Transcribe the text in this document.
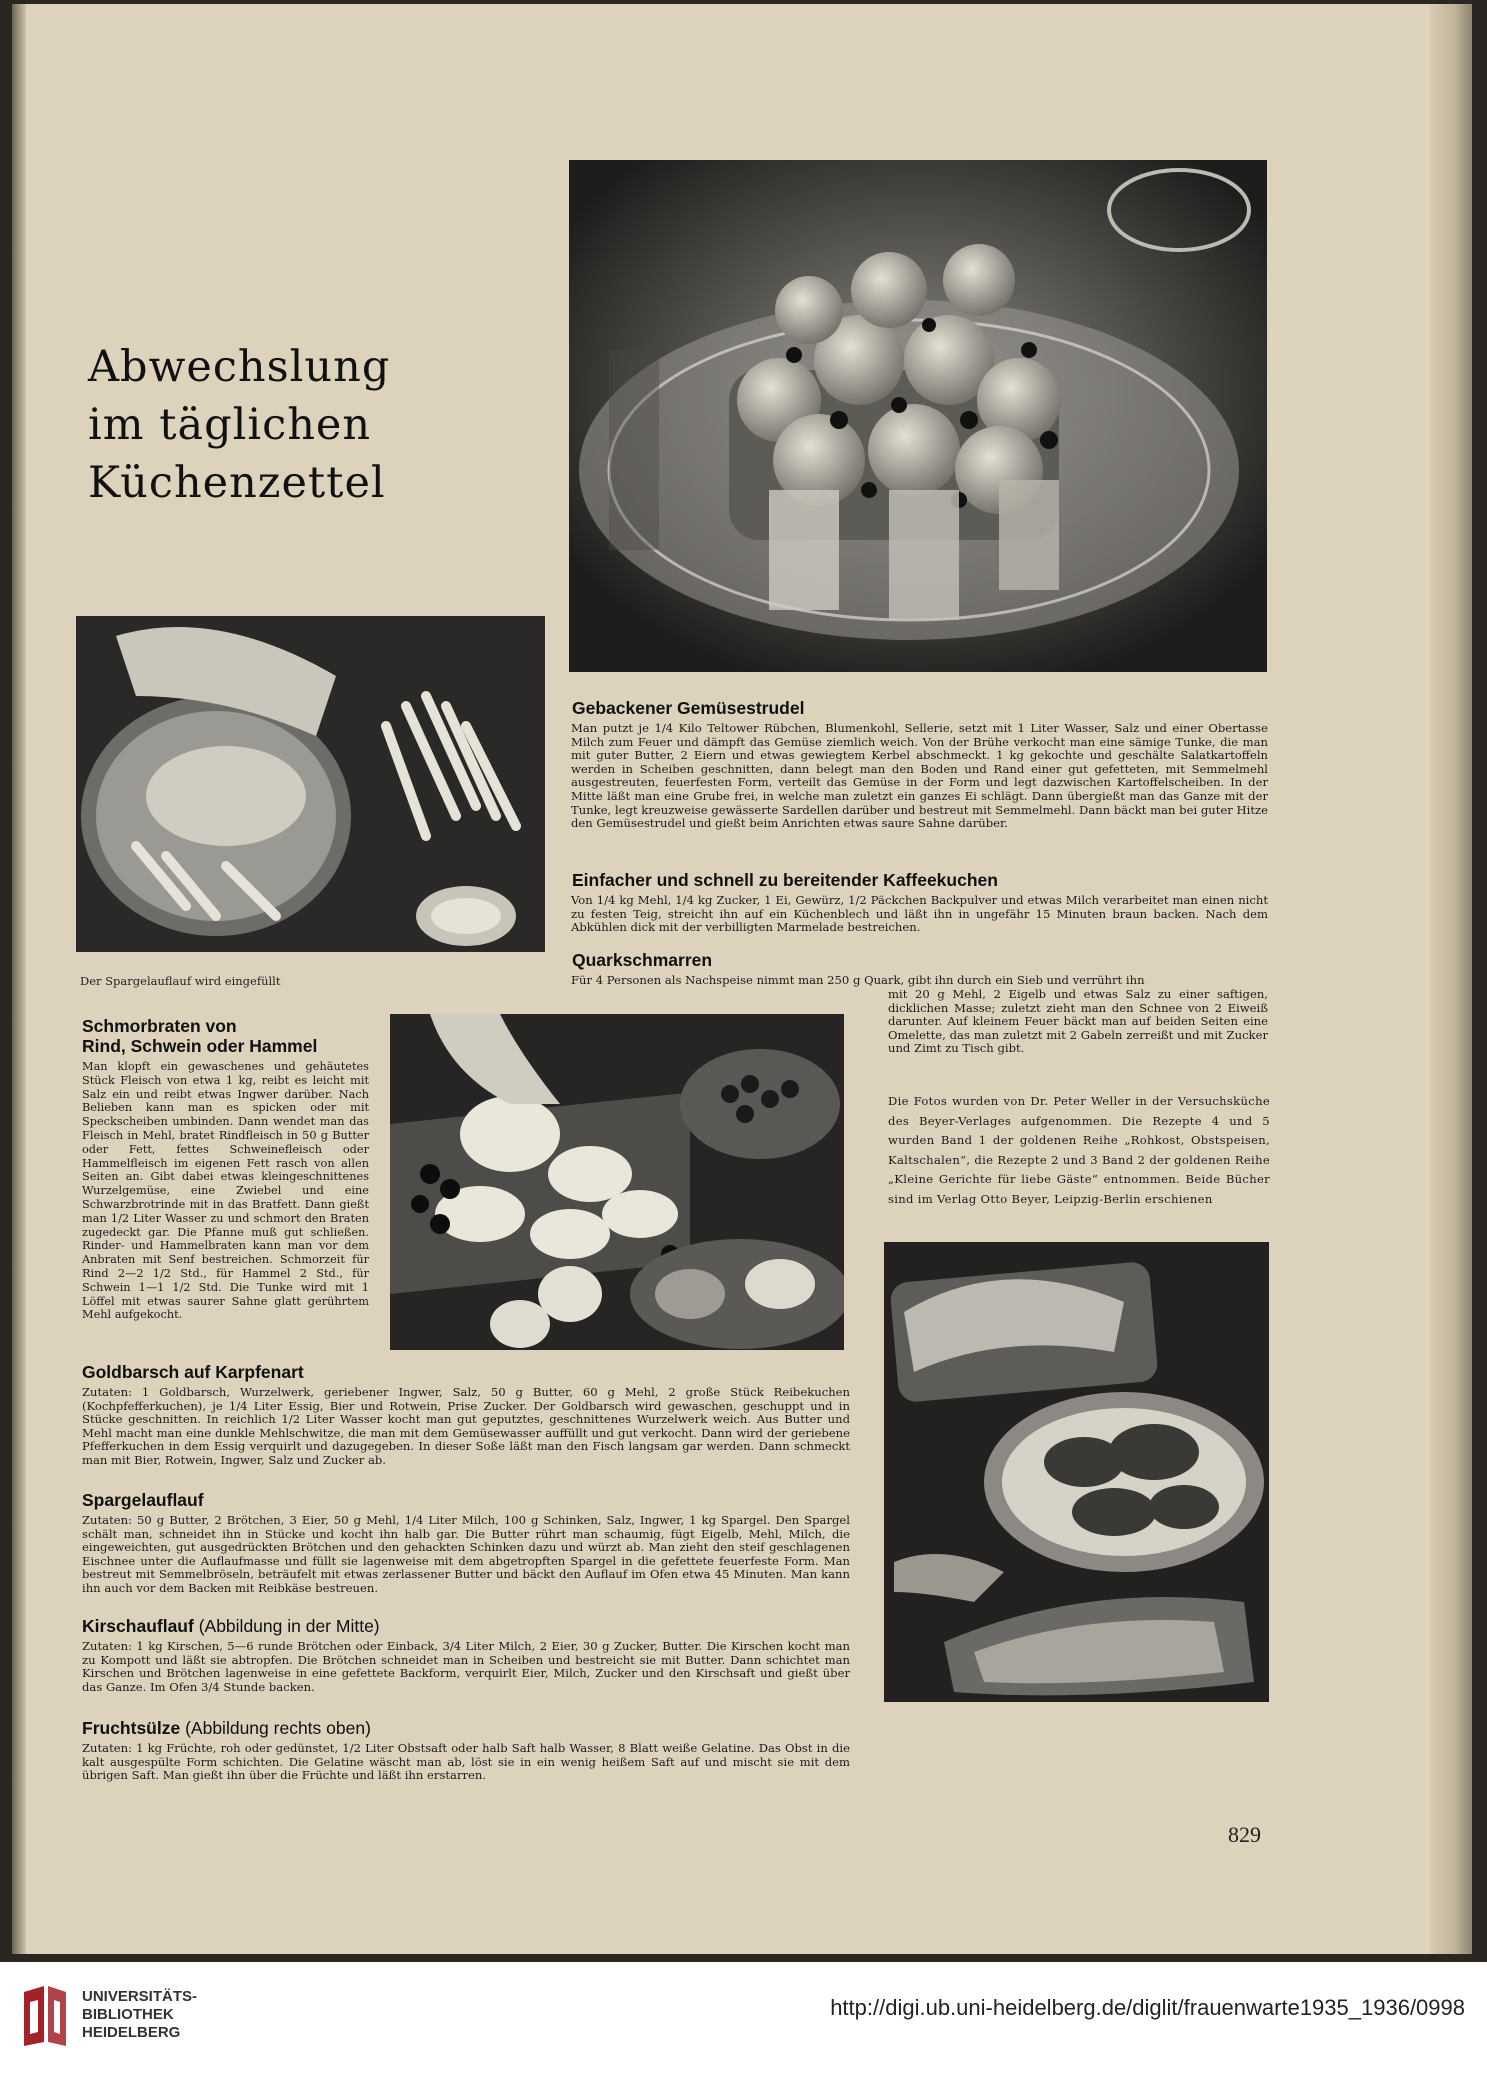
Abwechslung
im täglichen
Küchenzettel
Der Spargelauflauf wird eingefüllt
Gebackener Gemüsestrudel
Man putzt je 1/4 Kilo Teltower Rübchen, Blumenkohl, Sellerie, setzt mit 1 Liter Wasser, Salz und einer Obertasse Milch zum Feuer und dämpft das Gemüse ziemlich weich. Von der Brühe verkocht man eine sämige Tunke, die man mit guter Butter, 2 Eiern und etwas gewiegtem Kerbel abschmeckt. 1 kg gekochte und geschälte Salatkartoffeln werden in Scheiben geschnitten, dann belegt man den Boden und Rand einer gut gefetteten, mit Semmelmehl ausgestreuten, feuerfesten Form, verteilt das Gemüse in der Form und legt dazwischen Kartoffelscheiben. In der Mitte läßt man eine Grube frei, in welche man zuletzt ein ganzes Ei schlägt. Dann übergießt man das Ganze mit der Tunke, legt kreuzweise gewässerte Sardellen darüber und bestreut mit Semmelmehl. Dann bäckt man bei guter Hitze den Gemüsestrudel und gießt beim Anrichten etwas saure Sahne darüber.
Einfacher und schnell zu bereitender Kaffeekuchen
Von 1/4 kg Mehl, 1/4 kg Zucker, 1 Ei, Gewürz, 1/2 Päckchen Backpulver und etwas Milch verarbeitet man einen nicht zu festen Teig, streicht ihn auf ein Küchenblech und läßt ihn in ungefähr 15 Minuten braun backen. Nach dem Abkühlen dick mit der verbilligten Marmelade bestreichen.
Quarkschmarren
Für 4 Personen als Nachspeise nimmt man 250 g Quark, gibt ihn durch ein Sieb und verrührt ihn
mit 20 g Mehl, 2 Eigelb und etwas Salz zu einer saftigen, dicklichen Masse; zuletzt zieht man den Schnee von 2 Eiweiß darunter. Auf kleinem Feuer bäckt man auf beiden Seiten eine Omelette, das man zuletzt mit 2 Gabeln zerreißt und mit Zucker und Zimt zu Tisch gibt.
Die Fotos wurden von Dr. Peter Weller in der Versuchsküche des Beyer-Verlages aufgenommen. Die Rezepte 4 und 5 wurden Band 1 der goldenen Reihe „Rohkost, Obstspeisen, Kaltschalen“, die Rezepte 2 und 3 Band 2 der goldenen Reihe „Kleine Gerichte für liebe Gäste“ entnommen. Beide Bücher sind im Verlag Otto Beyer, Leipzig-Berlin erschienen
Schmorbraten von
Rind, Schwein oder Hammel
Man klopft ein gewaschenes und gehäutetes Stück Fleisch von etwa 1 kg, reibt es leicht mit Salz ein und reibt etwas Ingwer darüber. Nach Belieben kann man es spicken oder mit Speckscheiben umbinden. Dann wendet man das Fleisch in Mehl, bratet Rindfleisch in 50 g Butter oder Fett, fettes Schweinefleisch oder Hammelfleisch im eigenen Fett rasch von allen Seiten an. Gibt dabei etwas kleingeschnittenes Wurzelgemüse, eine Zwiebel und eine Schwarzbrotrinde mit in das Bratfett. Dann gießt man 1/2 Liter Wasser zu und schmort den Braten zugedeckt gar. Die Pfanne muß gut schließen. Rinder- und Hammelbraten kann man vor dem Anbraten mit Senf bestreichen. Schmorzeit für Rind 2—2 1/2 Std., für Hammel 2 Std., für Schwein 1—1 1/2 Std. Die Tunke wird mit 1 Löffel mit etwas saurer Sahne glatt gerührtem Mehl aufgekocht.
Goldbarsch auf Karpfenart
Zutaten: 1 Goldbarsch, Wurzelwerk, geriebener Ingwer, Salz, 50 g Butter, 60 g Mehl, 2 große Stück Reibekuchen (Kochpfefferkuchen), je 1/4 Liter Essig, Bier und Rotwein, Prise Zucker. Der Goldbarsch wird gewaschen, geschuppt und in Stücke geschnitten. In reichlich 1/2 Liter Wasser kocht man gut geputztes, geschnittenes Wurzelwerk weich. Aus Butter und Mehl macht man eine dunkle Mehlschwitze, die man mit dem Gemüsewasser auffüllt und gut verkocht. Dann wird der geriebene Pfefferkuchen in dem Essig verquirlt und dazugegeben. In dieser Soße läßt man den Fisch langsam gar werden. Dann schmeckt man mit Bier, Rotwein, Ingwer, Salz und Zucker ab.
Spargelauflauf
Zutaten: 50 g Butter, 2 Brötchen, 3 Eier, 50 g Mehl, 1/4 Liter Milch, 100 g Schinken, Salz, Ingwer, 1 kg Spargel. Den Spargel schält man, schneidet ihn in Stücke und kocht ihn halb gar. Die Butter rührt man schaumig, fügt Eigelb, Mehl, Milch, die eingeweichten, gut ausgedrückten Brötchen und den gehackten Schinken dazu und würzt ab. Man zieht den steif geschlagenen Eischnee unter die Auflaufmasse und füllt sie lagenweise mit dem abgetropften Spargel in die gefettete feuerfeste Form. Man bestreut mit Semmelbröseln, beträufelt mit etwas zerlassener Butter und bäckt den Auflauf im Ofen etwa 45 Minuten. Man kann ihn auch vor dem Backen mit Reibkäse bestreuen.
Kirschauflauf (Abbildung in der Mitte)
Zutaten: 1 kg Kirschen, 5—6 runde Brötchen oder Einback, 3/4 Liter Milch, 2 Eier, 30 g Zucker, Butter. Die Kirschen kocht man zu Kompott und läßt sie abtropfen. Die Brötchen schneidet man in Scheiben und bestreicht sie mit Butter. Dann schichtet man Kirschen und Brötchen lagenweise in eine gefettete Backform, verquirlt Eier, Milch, Zucker und den Kirschsaft und gießt über das Ganze. Im Ofen 3/4 Stunde backen.
Fruchtsülze (Abbildung rechts oben)
Zutaten: 1 kg Früchte, roh oder gedünstet, 1/2 Liter Obstsaft oder halb Saft halb Wasser, 8 Blatt weiße Gelatine. Das Obst in die kalt ausgespülte Form schichten. Die Gelatine wäscht man ab, löst sie in ein wenig heißem Saft auf und mischt sie mit dem übrigen Saft. Man gießt ihn über die Früchte und läßt ihn erstarren.
829
UNIVERSITÄTS-
BIBLIOTHEK
HEIDELBERG
http://digi.ub.uni-heidelberg.de/diglit/frauenwarte1935_1936/0998
